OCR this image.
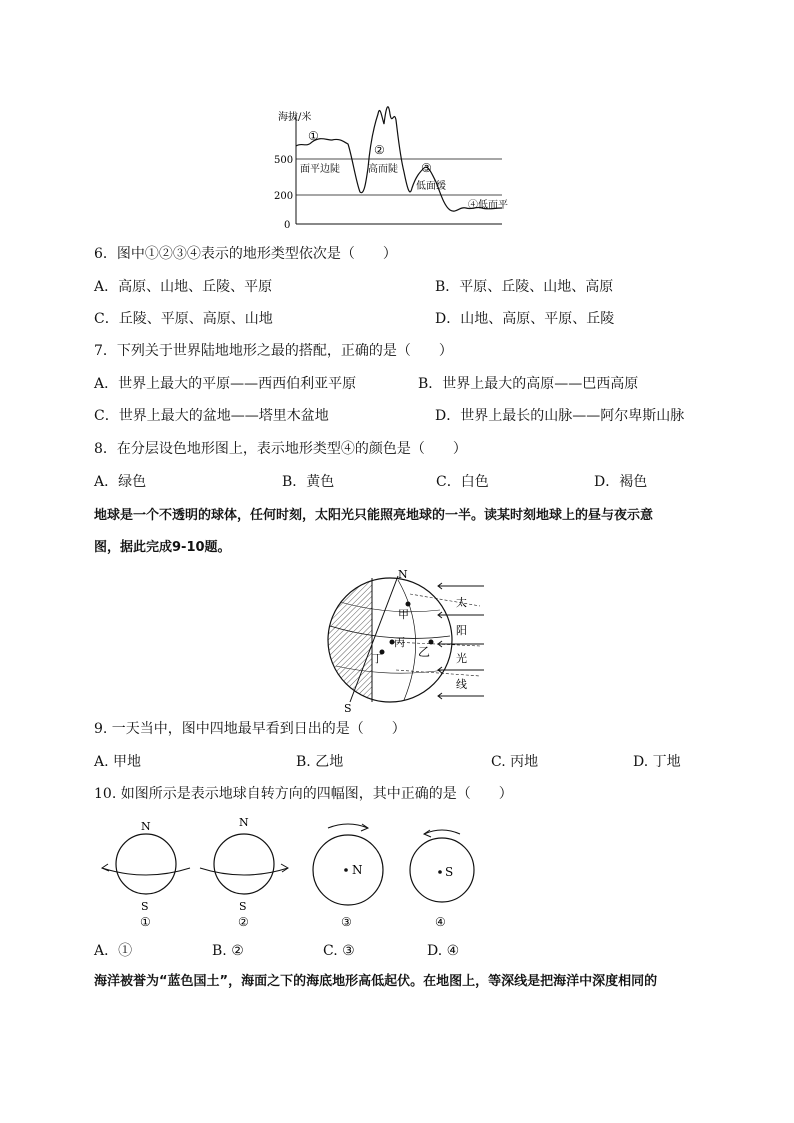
海拔/米
500
200
0
①
②
③
④低而平
面平边陡	高而陡
低面缓
6．图中①②③④表示的地形类型依次是（　　）
A．高原、山地、丘陵、平原	B．平原、丘陵、山地、高原
C．丘陵、平原、高原、山地	D．山地、高原、平原、丘陵
7．下列关于世界陆地地形之最的搭配，正确的是（　　）
A．世界上最大的平原——西西伯利亚平原	B．世界上最大的高原——巴西高原
C．世界上最大的盆地——塔里木盆地	D．世界上最长的山脉——阿尔卑斯山脉
8．在分层设色地形图上，表示地形类型④的颜色是（　　）
A．绿色	B．黄色	C．白色	D．褐色
地球是一个不透明的球体，任何时刻，太阳光只能照亮地球的一半。读某时刻地球上的昼与夜示意
图，据此完成9-10题。
N
S
甲
乙
丙
丁
太
阳
光
线
9. 一天当中，图中四地最早看到日出的是（　　）
A. 甲地	B. 乙地	C. 丙地	D. 丁地
10. 如图所示是表示地球自转方向的四幅图，其中正确的是（　　）
N
S
①
N
S
②
N
③
S
④
A．①	B. ②	C. ③	D. ④
海洋被誉为“蓝色国土”，海面之下的海底地形高低起伏。在地图上，等深线是把海洋中深度相同的
